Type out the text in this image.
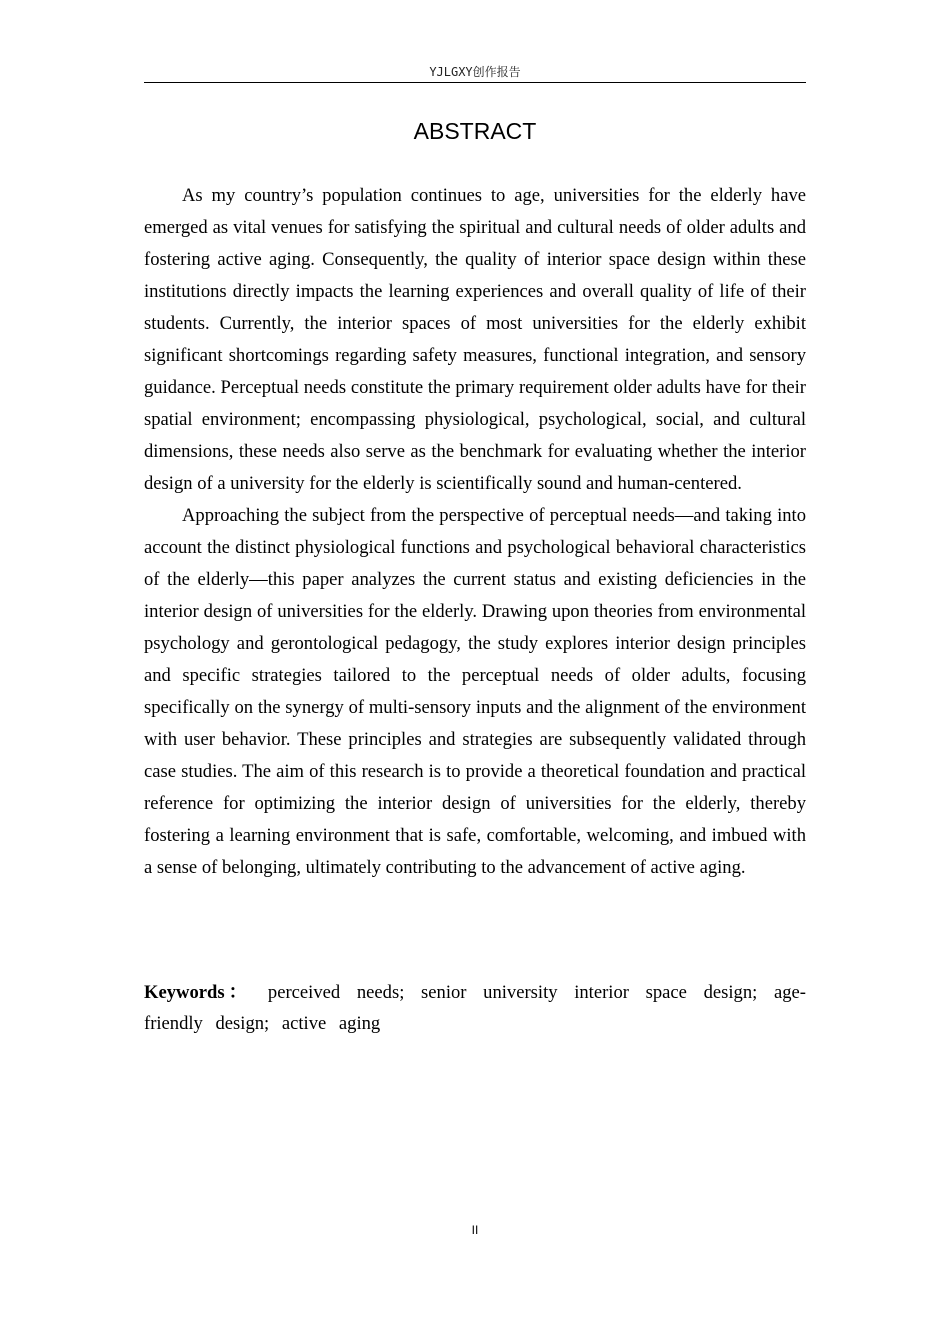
YJLGXY创作报告
ABSTRACT

As my country’s population continues to age, universities for the elderly have emerged as vital venues for satisfying the spiritual and cultural needs of older adults and fostering active aging. Consequently, the quality of interior space design within these institutions directly impacts the learning experiences and overall quality of life of their students. Currently, the interior spaces of most universities for the elderly exhibit significant shortcomings regarding safety measures, functional integration, and sensory guidance. Perceptual needs constitute the primary requirement older adults have for their spatial environment; encompassing physiological, psychological, social, and cultural dimensions, these needs also serve as the benchmark for evaluating whether the interior design of a university for the elderly is scientifically sound and human-centered.

Approaching the subject from the perspective of perceptual needs—and taking into account the distinct physiological functions and psychological behavioral characteristics of the elderly—this paper analyzes the current status and existing deficiencies in the interior design of universities for the elderly. Drawing upon theories from environmental psychology and gerontological pedagogy, the study explores interior design principles and specific strategies tailored to the perceptual needs of older adults, focusing specifically on the synergy of multi-sensory inputs and the alignment of the environment with user behavior. These principles and strategies are subsequently validated through case studies. The aim of this research is to provide a theoretical foundation and practical reference for optimizing the interior design of universities for the elderly, thereby fostering a learning environment that is safe, comfortable, welcoming, and imbued with a sense of belonging, ultimately contributing to the advancement of active aging.

Keywords： perceived needs; senior university interior space design; age-friendly design; active aging
II
